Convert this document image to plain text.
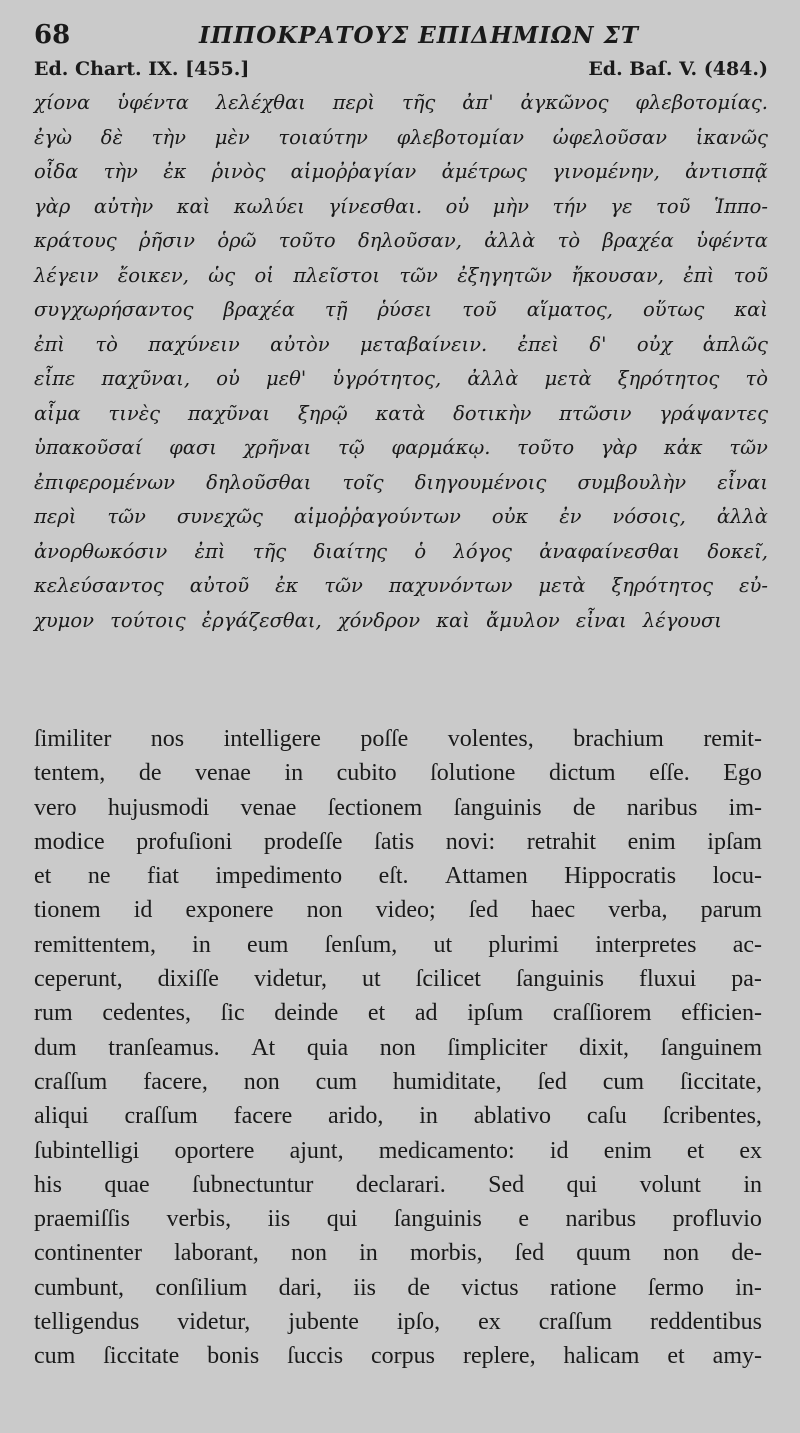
68	ΙΠΠΟΚΡΑΤΟΥΣ ΕΠΙΔΗΜΙΩΝ ΣΤ
Ed. Chart. IX. [455.]	Ed. Baſ. V. (484.)
χίονα ὑφέντα λελέχθαι περὶ τῆς ἀπ' ἀγκῶνος φλεβοτομίας.
ἐγὼ δὲ τὴν μὲν τοιαύτην φλεβοτομίαν ὠφελοῦσαν ἱκανῶς
οἶδα τὴν ἐκ ῥινὸς αἱμοῤῥαγίαν ἀμέτρως γινομένην, ἀντισπᾷ
γὰρ αὐτὴν καὶ κωλύει γίνεσθαι. οὐ μὴν τήν γε τοῦ Ἱππο-
κράτους ῥῆσιν ὁρῶ τοῦτο δηλοῦσαν, ἀλλὰ τὸ βραχέα ὑφέντα
λέγειν ἔοικεν, ὡς οἱ πλεῖστοι τῶν ἐξηγητῶν ἤκουσαν, ἐπὶ τοῦ
συγχωρήσαντος βραχέα τῇ ῥύσει τοῦ αἵματος, οὕτως καὶ
ἐπὶ τὸ παχύνειν αὐτὸν μεταβαίνειν. ἐπεὶ δ' οὐχ ἁπλῶς
εἶπε παχῦναι, οὐ μεθ' ὑγρότητος, ἀλλὰ μετὰ ξηρότητος τὸ
αἷμα τινὲς παχῦναι ξηρῷ κατὰ δοτικὴν πτῶσιν γράψαντες
ὑπακοῦσαί φασι χρῆναι τῷ φαρμάκῳ. τοῦτο γὰρ κἀκ τῶν
ἐπιφερομένων δηλοῦσθαι τοῖς διηγουμένοις συμβουλὴν εἶναι
περὶ τῶν συνεχῶς αἱμοῤῥαγούντων οὐκ ἐν νόσοις, ἀλλὰ
ἀνορθωκόσιν ἐπὶ τῆς διαίτης ὁ λόγος ἀναφαίνεσθαι δοκεῖ,
κελεύσαντος αὐτοῦ ἐκ τῶν παχυνόντων μετὰ ξηρότητος εὐ-
χυμον τούτοις ἐργάζεσθαι, χόνδρον καὶ ἄμυλον εἶναι λέγουσι
ſimiliter nos intelligere poſſe volentes, brachium remit-
tentem, de venae in cubito ſolutione dictum eſſe. Ego
vero hujusmodi venae ſectionem ſanguinis de naribus im-
modice profuſioni prodeſſe ſatis novi: retrahit enim ipſam
et ne fiat impedimento eſt. Attamen Hippocratis locu-
tionem id exponere non video; ſed haec verba, parum
remittentem, in eum ſenſum, ut plurimi interpretes ac-
ceperunt, dixiſſe videtur, ut ſcilicet ſanguinis fluxui pa-
rum cedentes, ſic deinde et ad ipſum craſſiorem efficien-
dum tranſeamus. At quia non ſimpliciter dixit, ſanguinem
craſſum facere, non cum humiditate, ſed cum ſiccitate,
aliqui craſſum facere arido, in ablativo caſu ſcribentes,
ſubintelligi oportere ajunt, medicamento: id enim et ex
his quae ſubnectuntur declarari. Sed qui volunt in
praemiſſis verbis, iis qui ſanguinis e naribus profluvio
continenter laborant, non in morbis, ſed quum non de-
cumbunt, conſilium dari, iis de victus ratione ſermo in-
telligendus videtur, jubente ipſo, ex craſſum reddentibus
cum ſiccitate bonis ſuccis corpus replere, halicam et amy-
